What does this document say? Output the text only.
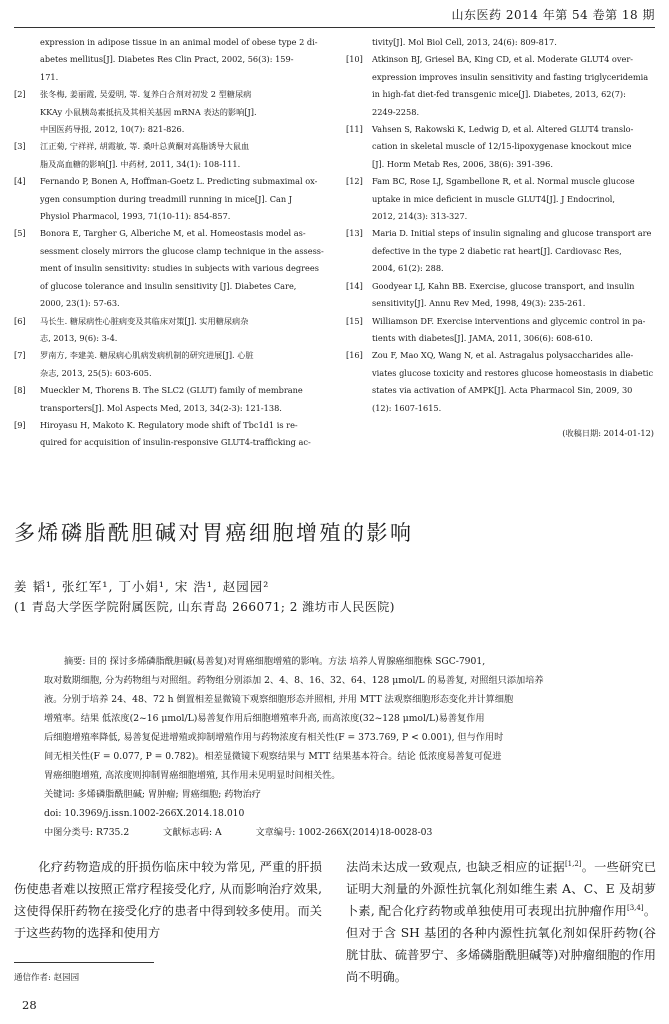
山东医药 2014 年第 54 卷第 18 期
expression in adipose tissue in an animal model of obese type 2 di-
abetes mellitus[J]. Diabetes Res Clin Pract, 2002, 56(3): 159-
171.
[2]	张冬梅, 姜丽霞, 吴爱明, 等. 复养白合剂对初发 2 型糖尿病
KKAy 小鼠胰岛素抵抗及其相关基因 mRNA 表达的影响[J].
中国医药导报, 2012, 10(7): 821-826.
[3]	江正菊, 宁祥祥, 胡霞敏, 等. 桑叶总黄酮对高脂诱导大鼠血
脂及高血糖的影响[J]. 中药材, 2011, 34(1): 108-111.
[4]	Fernando P, Bonen A, Hoffman-Goetz L. Predicting submaximal ox-
ygen consumption during treadmill running in mice[J]. Can J
Physiol Pharmacol, 1993, 71(10-11): 854-857.
[5]	Bonora E, Targher G, Alberiche M, et al. Homeostasis model as-
sessment closely mirrors the glucose clamp technique in the assess-
ment of insulin sensitivity: studies in subjects with various degrees
of glucose tolerance and insulin sensitivity [J]. Diabetes Care,
2000, 23(1): 57-63.
[6]	马长生. 糖尿病性心脏病变及其临床对策[J]. 实用糖尿病杂
志, 2013, 9(6): 3-4.
[7]	罗南方, 李建美. 糖尿病心肌病发病机制的研究进展[J]. 心脏
杂志, 2013, 25(5): 603-605.
[8]	Mueckler M, Thorens B. The SLC2 (GLUT) family of membrane
transporters[J]. Mol Aspects Med, 2013, 34(2-3): 121-138.
[9]	Hiroyasu H, Makoto K. Regulatory mode shift of Tbc1d1 is re-
quired for acquisition of insulin-responsive GLUT4-trafficking ac-
tivity[J]. Mol Biol Cell, 2013, 24(6): 809-817.
[10]	Atkinson BJ, Griesel BA, King CD, et al. Moderate GLUT4 over-
expression improves insulin sensitivity and fasting triglyceridemia
in high-fat diet-fed transgenic mice[J]. Diabetes, 2013, 62(7):
2249-2258.
[11]	Vahsen S, Rakowski K, Ledwig D, et al. Altered GLUT4 translo-
cation in skeletal muscle of 12/15-lipoxygenase knockout mice
[J]. Horm Metab Res, 2006, 38(6): 391-396.
[12]	Fam BC, Rose LJ, Sgambellone R, et al. Normal muscle glucose
uptake in mice deficient in muscle GLUT4[J]. J Endocrinol,
2012, 214(3): 313-327.
[13]	Maria D. Initial steps of insulin signaling and glucose transport are
defective in the type 2 diabetic rat heart[J]. Cardiovasc Res,
2004, 61(2): 288.
[14]	Goodyear LJ, Kahn BB. Exercise, glucose transport, and insulin
sensitivity[J]. Annu Rev Med, 1998, 49(3): 235-261.
[15]	Williamson DF. Exercise interventions and glycemic control in pa-
tients with diabetes[J]. JAMA, 2011, 306(6): 608-610.
[16]	Zou F, Mao XQ, Wang N, et al. Astragalus polysaccharides alle-
viates glucose toxicity and restores glucose homeostasis in diabetic
states via activation of AMPK[J]. Acta Pharmacol Sin, 2009, 30
(12): 1607-1615.
(收稿日期: 2014-01-12)
多烯磷脂酰胆碱对胃癌细胞增殖的影响
姜 韬¹, 张红军¹, 丁小娟¹, 宋 浩¹, 赵园园²
(1 青岛大学医学院附属医院, 山东青岛 266071; 2 潍坊市人民医院)
摘要: 目的 探讨多烯磷脂酰胆碱(易善复)对胃癌细胞增殖的影响。方法 培养人胃腺癌细胞株 SGC-7901,
取对数期细胞, 分为药物组与对照组。药物组分别添加 2、4、8、16、32、64、128 μmol/L 的易善复, 对照组只添加培养
液。分别于培养 24、48、72 h 倒置相差显微镜下观察细胞形态并照相, 并用 MTT 法观察细胞形态变化并计算细胞
增殖率。结果 低浓度(2~16 μmol/L)易善复作用后细胞增殖率升高, 而高浓度(32~128 μmol/L)易善复作用
后细胞增殖率降低, 易善复促进增殖或抑制增殖作用与药物浓度有相关性(F = 373.769, P < 0.001), 但与作用时
间无相关性(F = 0.077, P = 0.782)。相差显微镜下观察结果与 MTT 结果基本符合。结论 低浓度易善复可促进
胃癌细胞增殖, 高浓度则抑制胃癌细胞增殖, 其作用未见明显时间相关性。
关键词: 多烯磷脂酰胆碱; 胃肿瘤; 胃癌细胞; 药物治疗
doi: 10.3969/j.issn.1002-266X.2014.18.010
中图分类号: R735.2	文献标志码: A	文章编号: 1002-266X(2014)18-0028-03

化疗药物造成的肝损伤临床中较为常见, 严重的肝损伤使患者难以按照正常疗程接受化疗, 从而影响治疗效果, 这使得保肝药物在接受化疗的患者中得到较多使用。而关于这些药物的选择和使用方

法尚未达成一致观点, 也缺乏相应的证据[1,2]。一些研究已证明大剂量的外源性抗氧化剂如维生素 A、C、E 及胡萝卜素, 配合化疗药物或单独使用可表现出抗肿瘤作用[3,4]。但对于含 SH 基团的各种内源性抗氧化剂如保肝药物(谷胱甘肽、硫普罗宁、多烯磷脂酰胆碱等)对肿瘤细胞的作用尚不明确。

通信作者: 赵园园
28
